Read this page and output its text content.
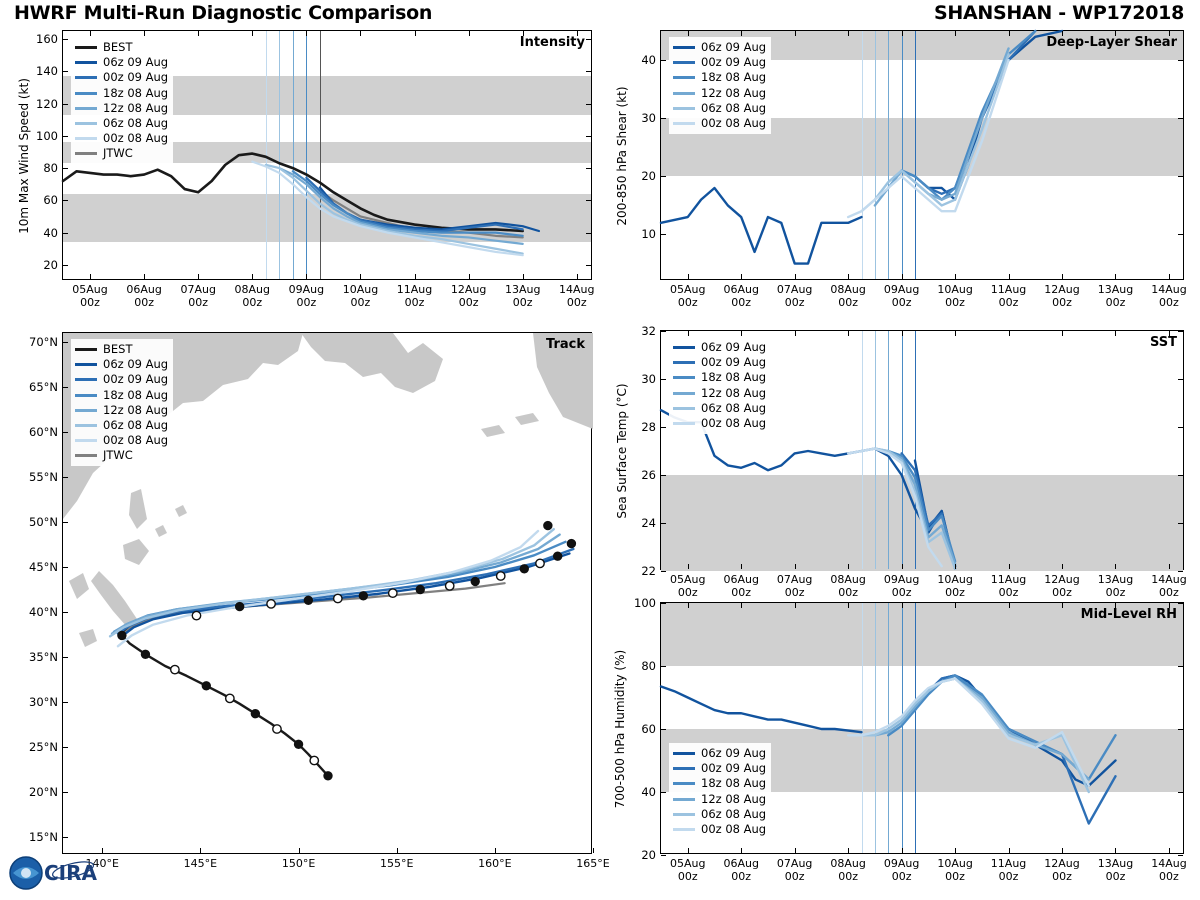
HWRF Multi-Run Diagnostic Comparison	SHANSHAN - WP172018
20
40
60
80
100
120
140
160
05Aug
00z
06Aug
00z
07Aug
00z
08Aug
00z
09Aug
00z
10Aug
00z
11Aug
00z
12Aug
00z
13Aug
00z
14Aug
00z
10m Max Wind Speed (kt)
Intensity
BEST
06z 09 Aug
00z 09 Aug
18z 08 Aug
12z 08 Aug
06z 08 Aug
00z 08 Aug
JTWC
10
20
30
40
05Aug
00z
06Aug
00z
07Aug
00z
08Aug
00z
09Aug
00z
10Aug
00z
11Aug
00z
12Aug
00z
13Aug
00z
14Aug
00z
200-850 hPa Shear (kt)
Deep-Layer Shear
06z 09 Aug
00z 09 Aug
18z 08 Aug
12z 08 Aug
06z 08 Aug
00z 08 Aug
22
24
26
28
30
32
05Aug
00z
06Aug
00z
07Aug
00z
08Aug
00z
09Aug
00z
10Aug
00z
11Aug
00z
12Aug
00z
13Aug
00z
14Aug
00z
Sea Surface Temp (°C)
SST
06z 09 Aug
00z 09 Aug
18z 08 Aug
12z 08 Aug
06z 08 Aug
00z 08 Aug
20
40
60
80
100
05Aug
00z
06Aug
00z
07Aug
00z
08Aug
00z
09Aug
00z
10Aug
00z
11Aug
00z
12Aug
00z
13Aug
00z
14Aug
00z
700-500 hPa Humidity (%)
Mid-Level RH
06z 09 Aug
00z 09 Aug
18z 08 Aug
12z 08 Aug
06z 08 Aug
00z 08 Aug
15°N
20°N
25°N
30°N
35°N
40°N
45°N
50°N
55°N
60°N
65°N
70°N
140°E	145°E	150°E	155°E	160°E	165°E
Track
BEST
06z 09 Aug
00z 09 Aug
18z 08 Aug
12z 08 Aug
06z 08 Aug
00z 08 Aug
JTWC
CIRA
